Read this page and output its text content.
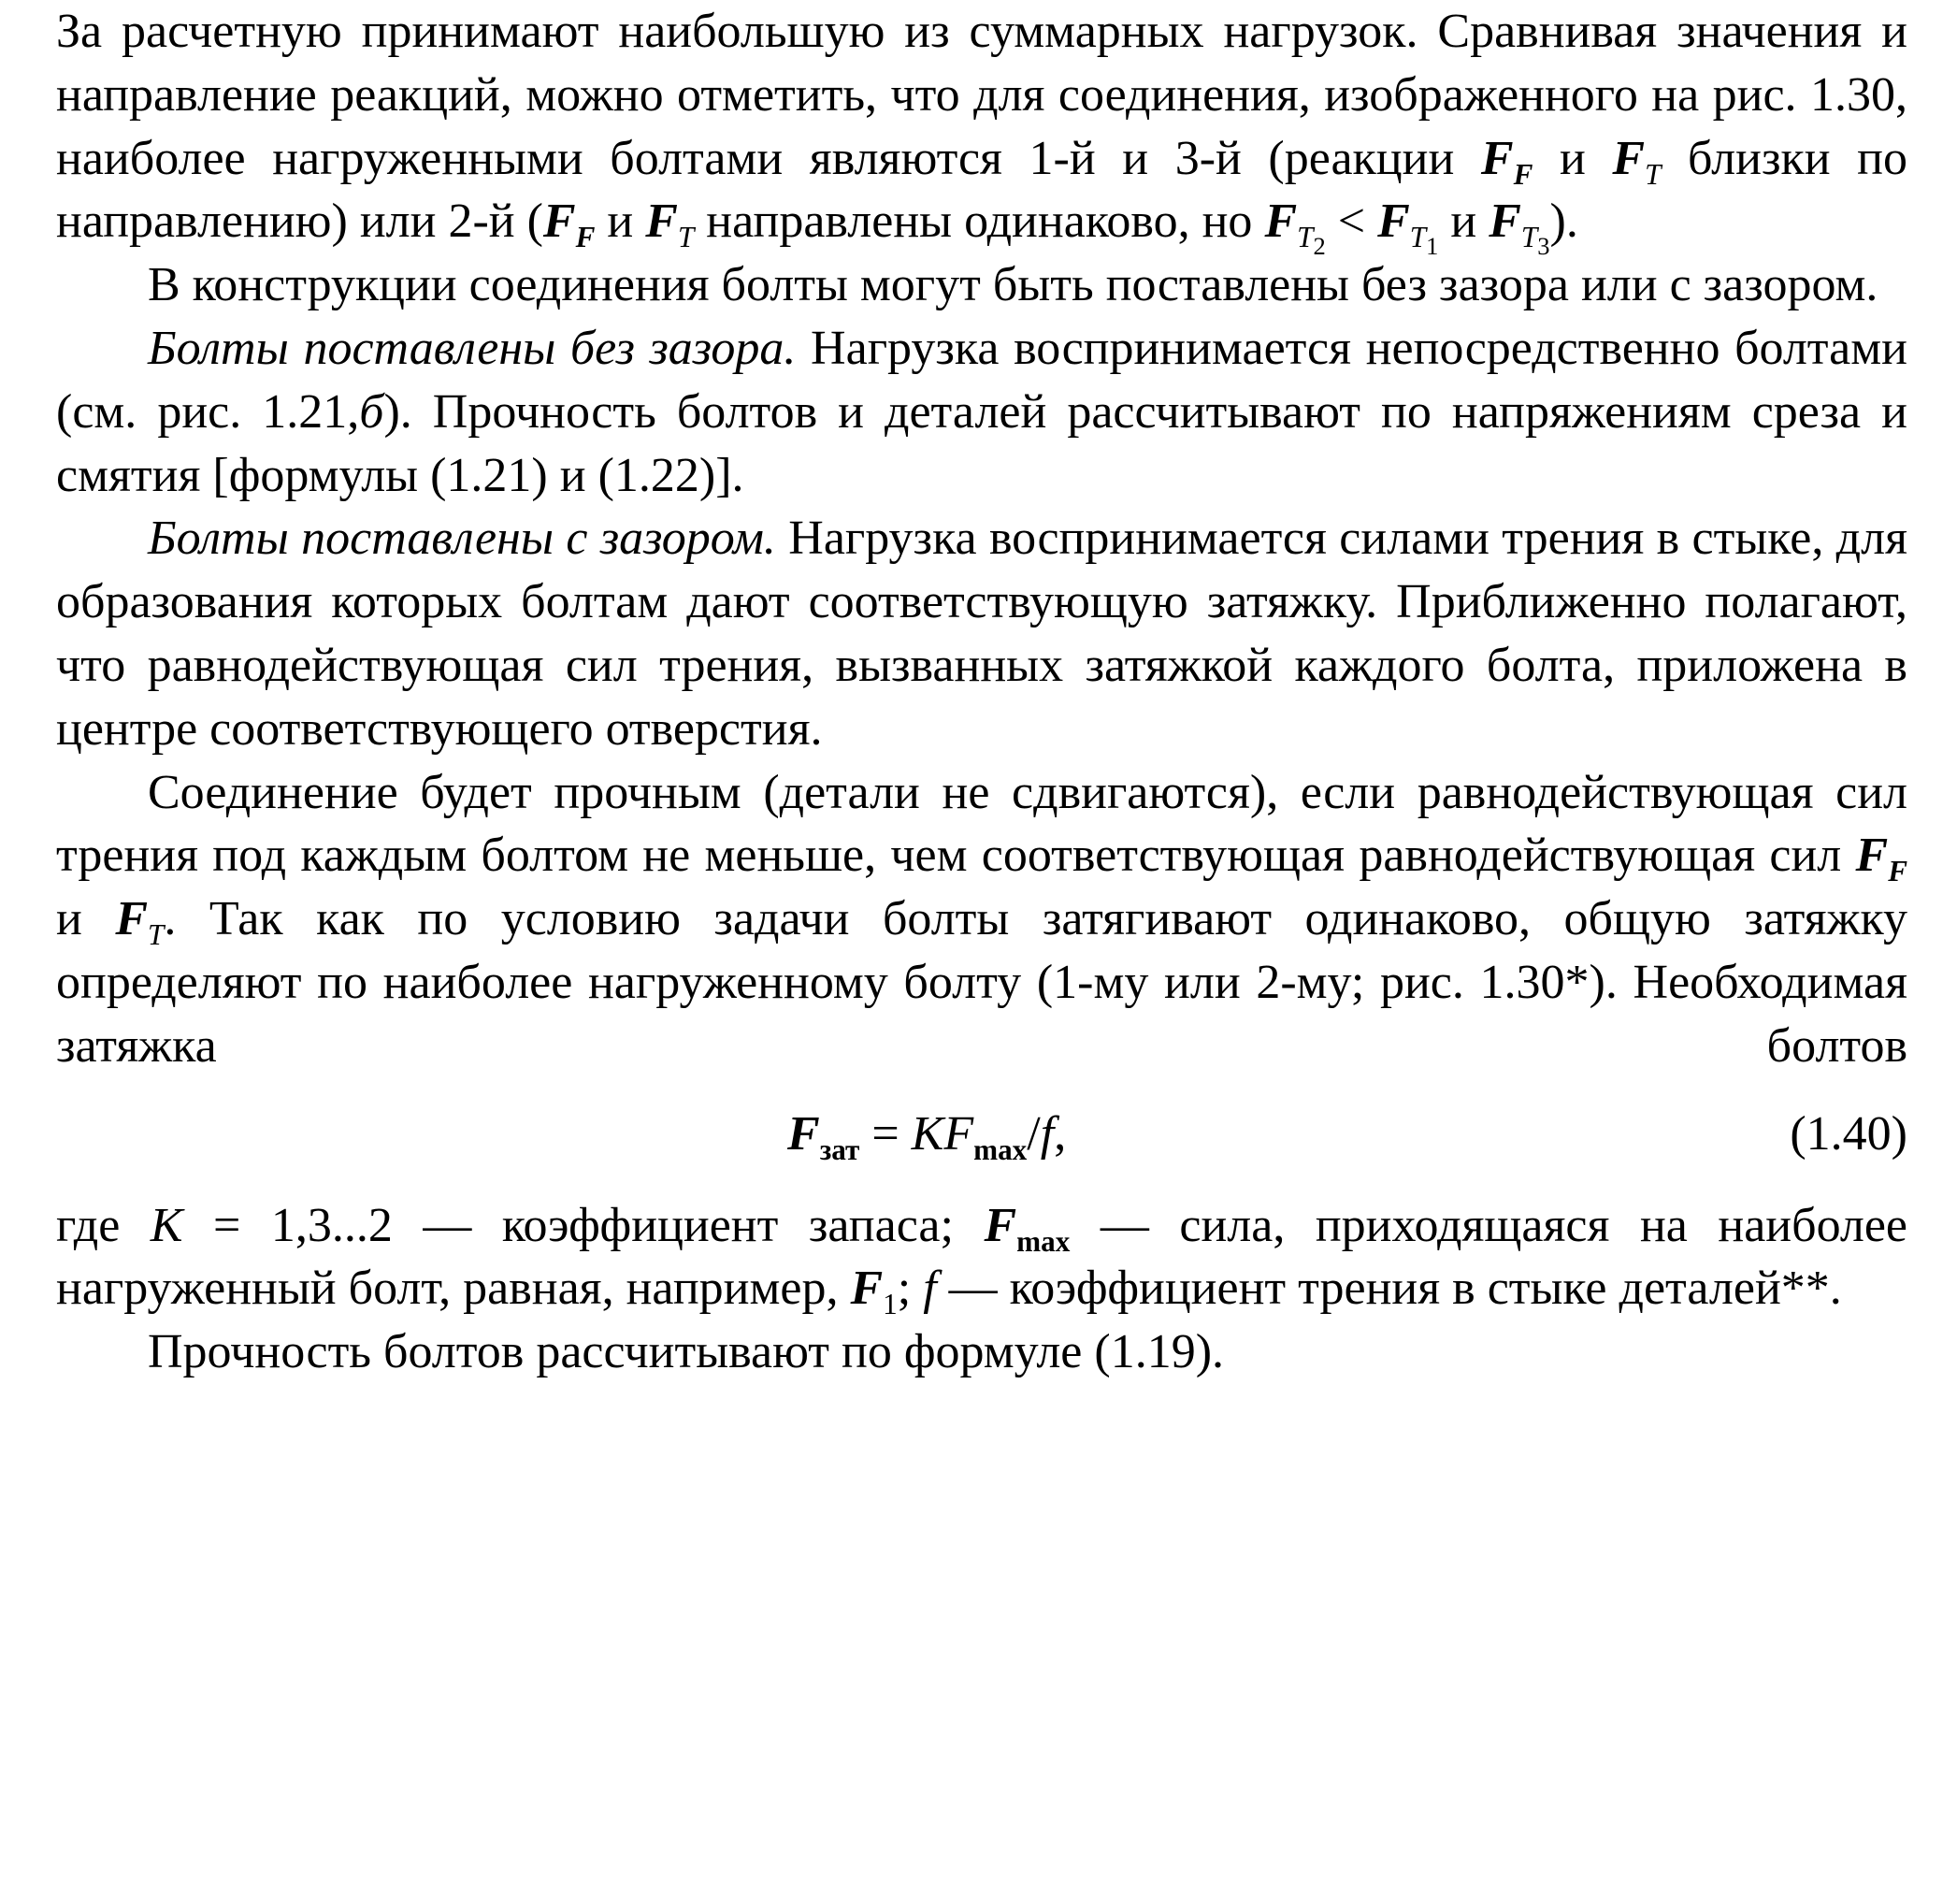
За расчетную принимают наибольшую из суммарных нагрузок. Сравнивая значения и направление реакций, можно отметить, что для соединения, изображенного на рис. 1.30, наиболее нагруженными болтами являются 1-й и 3-й (реакции $F_F$ и $F_T$ близки по направлению) или 2-й ($F_F$ и $F_T$ направлены одинаково, но $F_{T_2} < F_{T_1}$ и $F_{T_3}$).

В конструкции соединения болты могут быть поставлены без зазора или с зазором.

Болты поставлены без зазора. Нагрузка воспринимается непосредственно болтами (см. рис. 1.21,б). Прочность болтов и деталей рассчитывают по напряжениям среза и смятия [формулы (1.21) и (1.22)].

Болты поставлены с зазором. Нагрузка воспринимается силами трения в стыке, для образования которых болтам дают соответствующую затяжку. Приближенно полагают, что равнодействующая сил трения, вызванных затяжкой каждого болта, приложена в центре соответствующего отверстия.

Соединение будет прочным (детали не сдвигаются), если равнодействующая сил трения под каждым болтом не меньше, чем соответствующая равнодействующая сил $F_F$ и $F_T$. Так как по условию задачи болты затягивают одинаково, общую затяжку определяют по наиболее нагруженному болту (1-му или 2-му; рис. 1.30*). Необходимая затяжка болтов

$F_{зат} = KF_{max}/f$,	(1.40)

где K = 1,3...2 — коэффициент запаса; $F_{max}$ — сила, приходящаяся на наиболее нагруженный болт, равная, например, $F_1$; f — коэффициент трения в стыке деталей**.

Прочность болтов рассчитывают по формуле (1.19).
